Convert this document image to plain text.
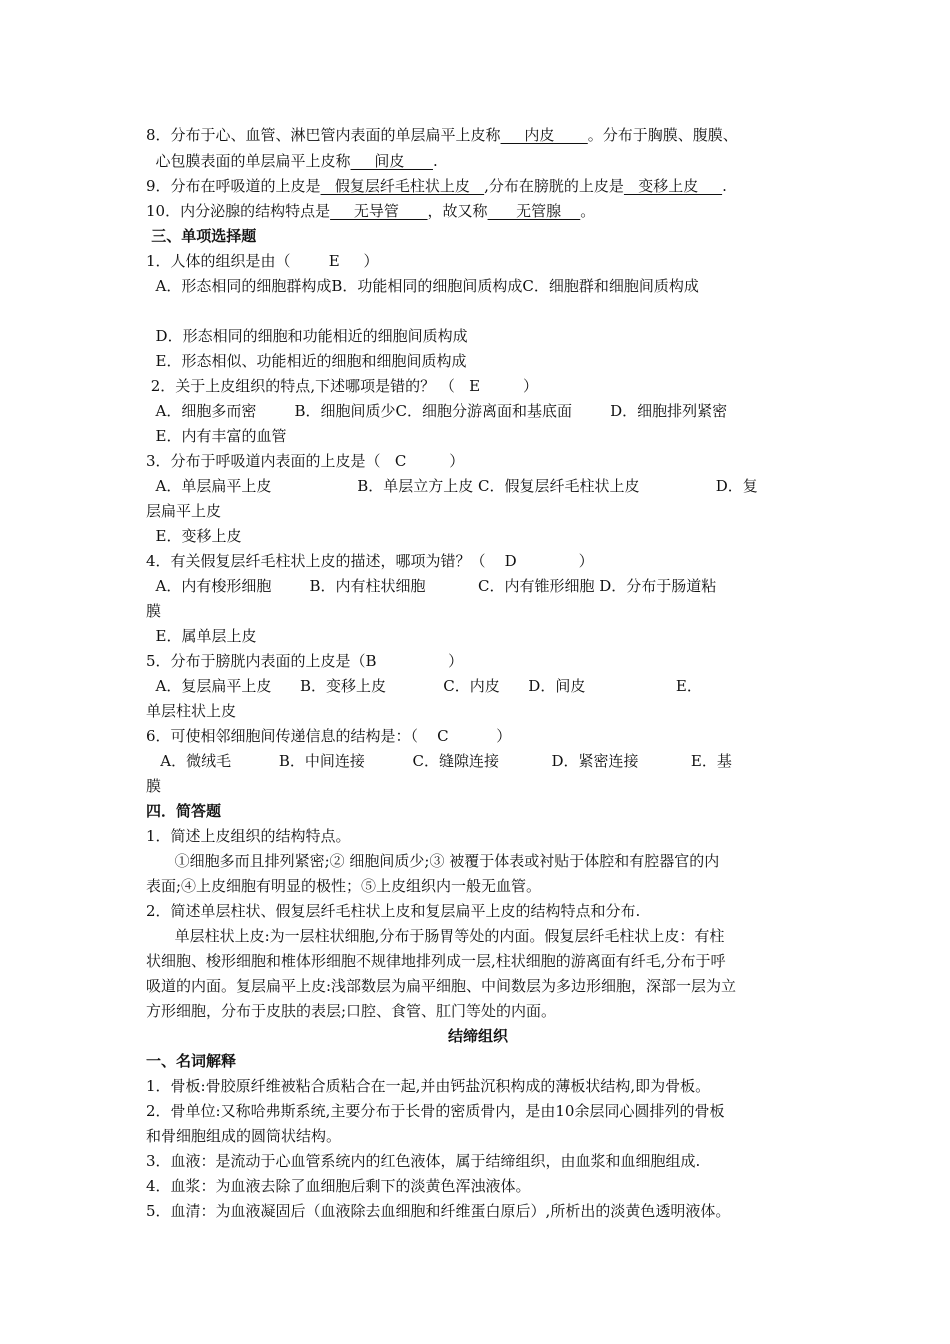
8．分布于心、血管、淋巴管内表面的单层扁平上皮称     内皮       。分布于胸膜、腹膜、
心包膜表面的单层扁平上皮称     间皮      .
9．分布在呼吸道的上皮是   假复层纤毛柱状上皮   ,分布在膀胱的上皮是   变移上皮     .
10．内分泌腺的结构特点是     无导管      ，故又称      无管腺    。
三、单项选择题
1．人体的组织是由（        E     ）
A．形态相同的细胞群构成B．功能相同的细胞间质构成C．细胞群和细胞间质构成
D．形态相同的细胞和功能相近的细胞间质构成
E．形态相似、功能相近的细胞和细胞间质构成
2．关于上皮组织的特点,下述哪项是错的？ （   E         ）
A．细胞多而密        B．细胞间质少C．细胞分游离面和基底面        D．细胞排列紧密
E．内有丰富的血管
3．分布于呼吸道内表面的上皮是（   C         ）
A．单层扁平上皮                  B．单层立方上皮 C．假复层纤毛柱状上皮                D．复
层扁平上皮
E．变移上皮
4．有关假复层纤毛柱状上皮的描述，哪项为错？（    D             ）
A．内有梭形细胞        B．内有柱状细胞           C．内有锥形细胞 D．分布于肠道粘
膜
E．属单层上皮
5．分布于膀胱内表面的上皮是（B               ）
A．复层扁平上皮      B．变移上皮            C．内皮      D．间皮                   E．
单层柱状上皮
6．可使相邻细胞间传递信息的结构是：（    C          ）
A．微绒毛          B．中间连接          C．缝隙连接           D．紧密连接           E．基
膜
四．简答题
1．简述上皮组织的结构特点。
①细胞多而且排列紧密;② 细胞间质少;③ 被覆于体表或衬贴于体腔和有腔器官的内
表面;④上皮细胞有明显的极性；⑤上皮组织内一般无血管。
2．简述单层柱状、假复层纤毛柱状上皮和复层扁平上皮的结构特点和分布.
单层柱状上皮:为一层柱状细胞,分布于肠胃等处的内面。假复层纤毛柱状上皮：有柱
状细胞、梭形细胞和椎体形细胞不规律地排列成一层,柱状细胞的游离面有纤毛,分布于呼
吸道的内面。复层扁平上皮:浅部数层为扁平细胞、中间数层为多边形细胞，深部一层为立
方形细胞，分布于皮肤的表层;口腔、食管、肛门等处的内面。
结缔组织
一、名词解释
1．骨板:骨胶原纤维被粘合质粘合在一起,并由钙盐沉积构成的薄板状结构,即为骨板。
2．骨单位:又称哈弗斯系统,主要分布于长骨的密质骨内，是由10余层同心圆排列的骨板
和骨细胞组成的圆筒状结构。
3．血液：是流动于心血管系统内的红色液体，属于结缔组织，由血浆和血细胞组成.
4．血浆：为血液去除了血细胞后剩下的淡黄色浑浊液体。
5．血清：为血液凝固后（血液除去血细胞和纤维蛋白原后）,所析出的淡黄色透明液体。
